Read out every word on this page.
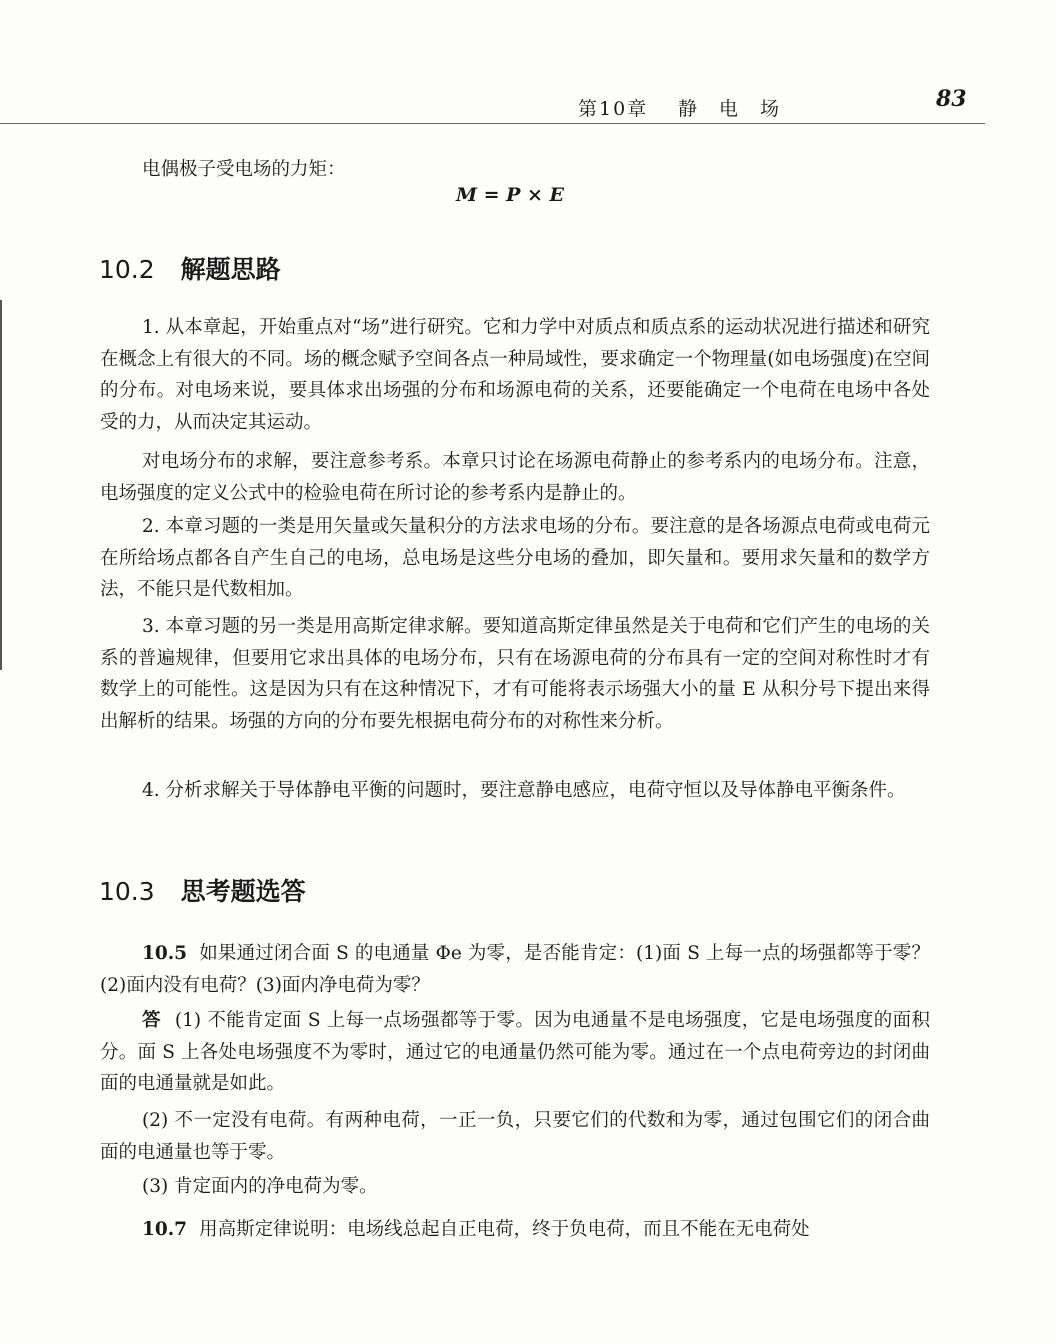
第10章 静电场	83
电偶极子受电场的力矩：
M = P × E
10.2 解题思路
1. 从本章起，开始重点对“场”进行研究。它和力学中对质点和质点系的运动状况进行描述和研究在概念上有很大的不同。场的概念赋予空间各点一种局域性，要求确定一个物理量(如电场强度)在空间的分布。对电场来说，要具体求出场强的分布和场源电荷的关系，还要能确定一个电荷在电场中各处受的力，从而决定其运动。
对电场分布的求解，要注意参考系。本章只讨论在场源电荷静止的参考系内的电场分布。注意，电场强度的定义公式中的检验电荷在所讨论的参考系内是静止的。
2. 本章习题的一类是用矢量或矢量积分的方法求电场的分布。要注意的是各场源点电荷或电荷元在所给场点都各自产生自己的电场，总电场是这些分电场的叠加，即矢量和。要用求矢量和的数学方法，不能只是代数相加。
3. 本章习题的另一类是用高斯定律求解。要知道高斯定律虽然是关于电荷和它们产生的电场的关系的普遍规律，但要用它求出具体的电场分布，只有在场源电荷的分布具有一定的空间对称性时才有数学上的可能性。这是因为只有在这种情况下，才有可能将表示场强大小的量 E 从积分号下提出来得出解析的结果。场强的方向的分布要先根据电荷分布的对称性来分析。
4. 分析求解关于导体静电平衡的问题时，要注意静电感应，电荷守恒以及导体静电平衡条件。
10.3 思考题选答
10.5 如果通过闭合面 S 的电通量 Φe 为零，是否能肯定：(1)面 S 上每一点的场强都等于零？(2)面内没有电荷？(3)面内净电荷为零？
答 (1) 不能肯定面 S 上每一点场强都等于零。因为电通量不是电场强度，它是电场强度的面积分。面 S 上各处电场强度不为零时，通过它的电通量仍然可能为零。通过在一个点电荷旁边的封闭曲面的电通量就是如此。
(2) 不一定没有电荷。有两种电荷，一正一负，只要它们的代数和为零，通过包围它们的闭合曲面的电通量也等于零。
(3) 肯定面内的净电荷为零。
10.7 用高斯定律说明：电场线总起自正电荷，终于负电荷，而且不能在无电荷处
